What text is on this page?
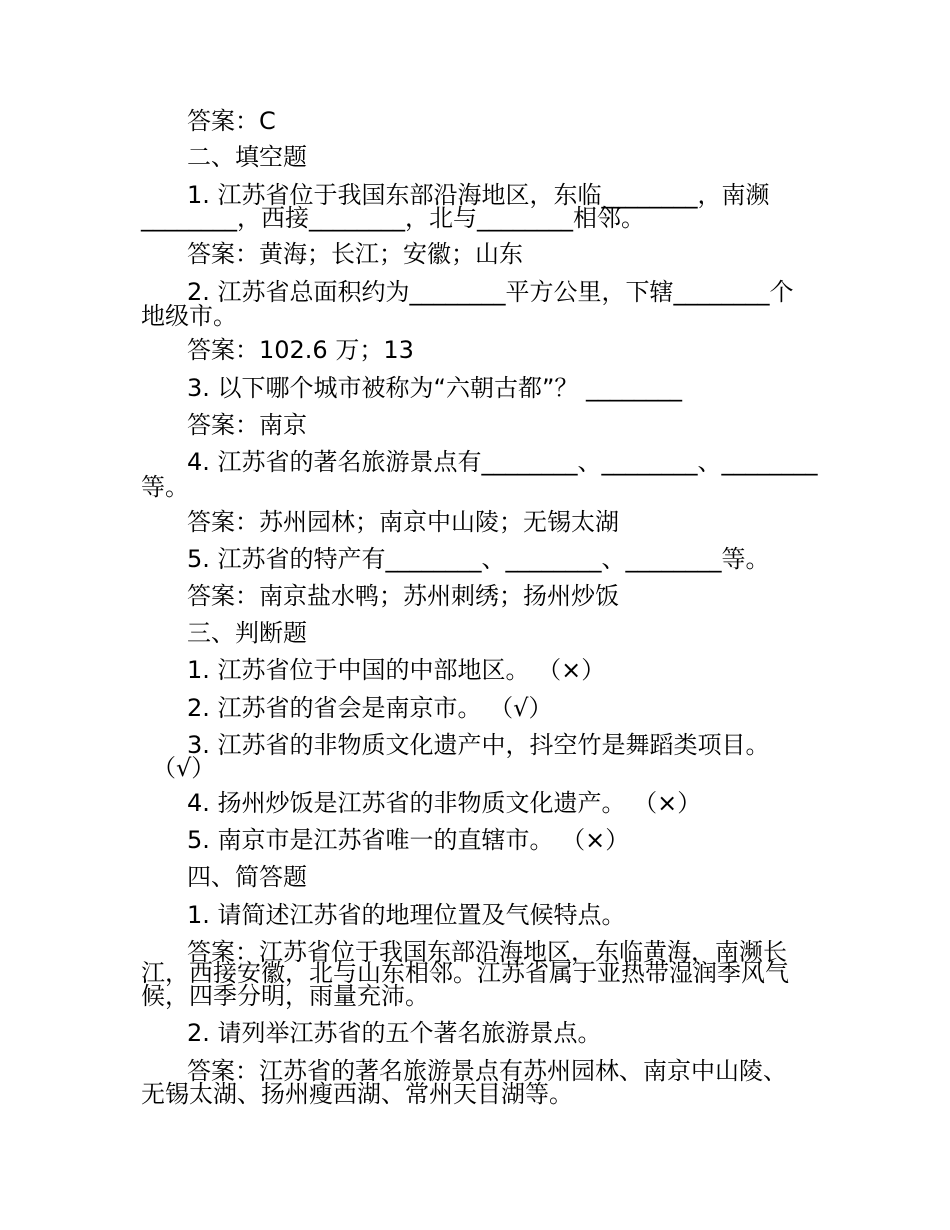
答案：C

二、填空题

1. 江苏省位于我国东部沿海地区，东临________，南濒

________，西接________，北与________相邻。

答案：黄海；长江；安徽；山东

2. 江苏省总面积约为________平方公里，下辖________个

地级市。

答案：102.6 万；13

3. 以下哪个城市被称为“六朝古都”？ ________

答案：南京

4. 江苏省的著名旅游景点有________、________、________

等。

答案：苏州园林；南京中山陵；无锡太湖

5. 江苏省的特产有________、________、________等。

答案：南京盐水鸭；苏州刺绣；扬州炒饭

三、判断题

1. 江苏省位于中国的中部地区。 （×）

2. 江苏省的省会是南京市。 （√）

3. 江苏省的非物质文化遗产中，抖空竹是舞蹈类项目。

（√）

4. 扬州炒饭是江苏省的非物质文化遗产。 （×）

5. 南京市是江苏省唯一的直辖市。 （×）

四、简答题

1. 请简述江苏省的地理位置及气候特点。

答案：江苏省位于我国东部沿海地区，东临黄海，南濒长

江，西接安徽，北与山东相邻。江苏省属于亚热带湿润季风气

候，四季分明，雨量充沛。

2. 请列举江苏省的五个著名旅游景点。

答案：江苏省的著名旅游景点有苏州园林、南京中山陵、

无锡太湖、扬州瘦西湖、常州天目湖等。
